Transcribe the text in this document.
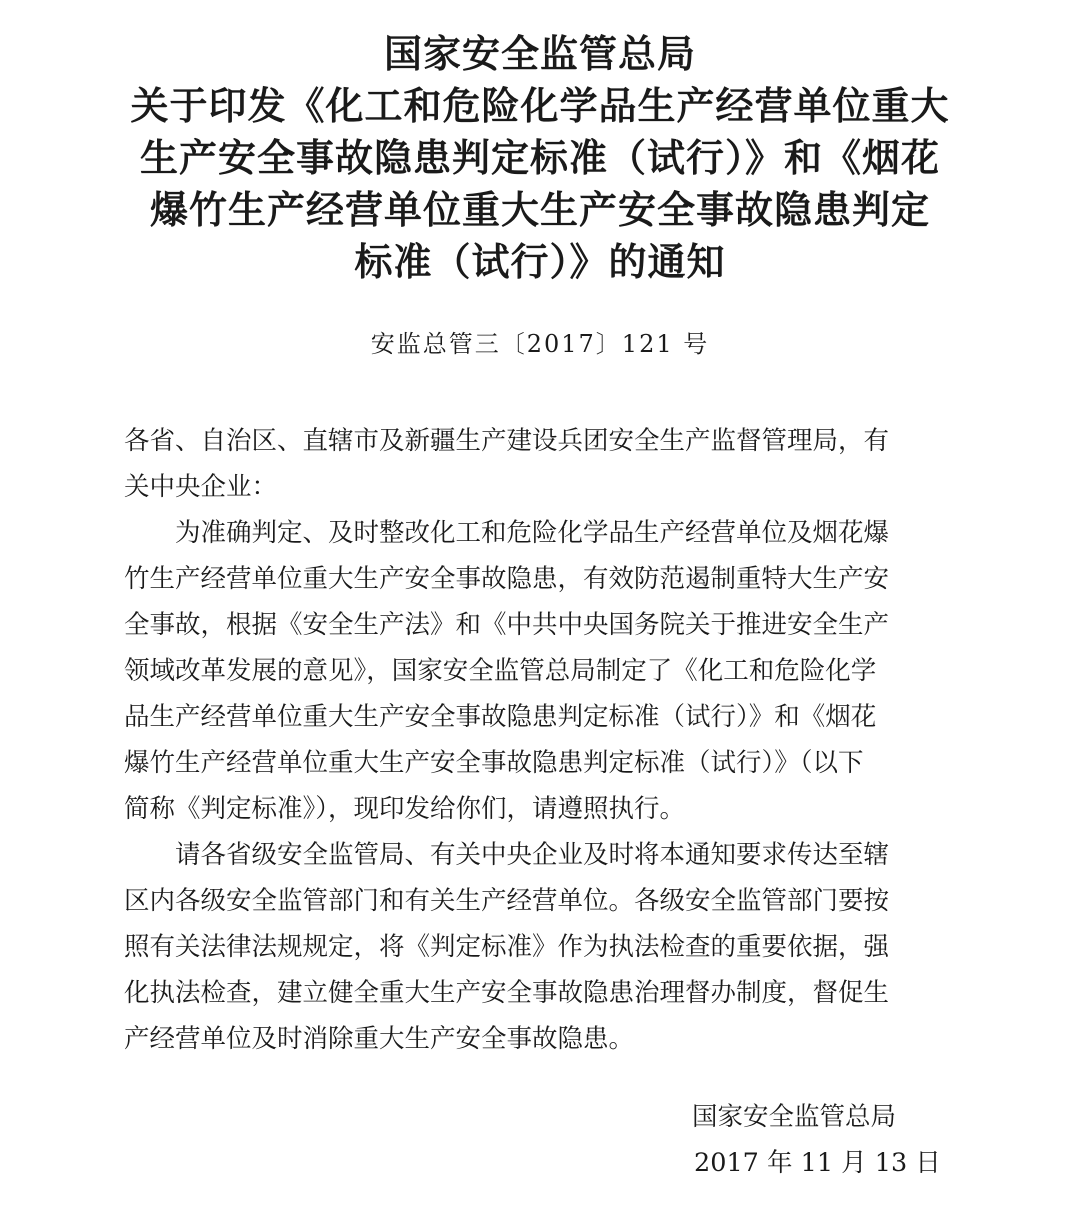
国家安全监管总局
关于印发《化工和危险化学品生产经营单位重大
生产安全事故隐患判定标准（试行）》和《烟花
爆竹生产经营单位重大生产安全事故隐患判定
标准（试行）》的通知
安监总管三〔2017〕121 号
各省、自治区、直辖市及新疆生产建设兵团安全生产监督管理局，有
关中央企业：
　　为准确判定、及时整改化工和危险化学品生产经营单位及烟花爆
竹生产经营单位重大生产安全事故隐患，有效防范遏制重特大生产安
全事故，根据《安全生产法》和《中共中央国务院关于推进安全生产
领域改革发展的意见》，国家安全监管总局制定了《化工和危险化学
品生产经营单位重大生产安全事故隐患判定标准（试行）》和《烟花
爆竹生产经营单位重大生产安全事故隐患判定标准（试行）》（以下
简称《判定标准》），现印发给你们，请遵照执行。
　　请各省级安全监管局、有关中央企业及时将本通知要求传达至辖
区内各级安全监管部门和有关生产经营单位。各级安全监管部门要按
照有关法律法规规定，将《判定标准》作为执法检查的重要依据，强
化执法检查，建立健全重大生产安全事故隐患治理督办制度，督促生
产经营单位及时消除重大生产安全事故隐患。
国家安全监管总局
2017 年 11 月 13 日
